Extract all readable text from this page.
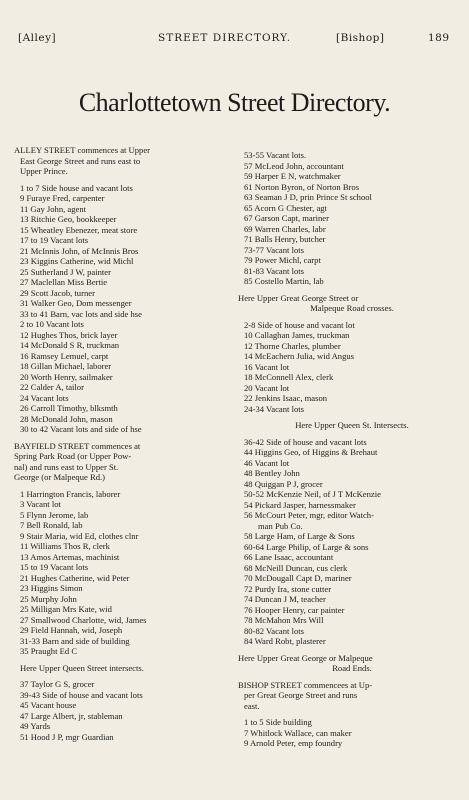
[Alley]	STREET DIRECTORY.	[Bishop]	189
Charlottetown Street Directory.
ALLEY STREET commences at Upper
East George Street and runs east to
Upper Prince.
1 to 7 Side house and vacant lots
9 Furaye Fred, carpenter
11 Gay John, agent
13 Ritchie Geo, bookkeeper
15 Wheatley Ebenezer, meat store
17 to 19 Vacant lots
21 McInnis John, of McInnis Bros
23 Kiggins Catherine, wid Michl
25 Sutherland J W, painter
27 Maclellan Miss Bertie
29 Scott Jacob, turner
31 Walker Geo, Dom messenger
33 to 41 Barn, vac lots and side hse
2 to 10 Vacant lots
12 Hughes Thos, brick layer
14 McDonald S R, truckman
16 Ramsey Lemuel, carpt
18 Gillan Michael, laborer
20 Worth Henry, sailmaker
22 Calder A, tailor
24 Vacant lots
26 Carroll Timothy, blksmth
28 McDonald John, mason
30 to 42 Vacant lots and side of hse
BAYFIELD STREET commences at
Spring Park Road (or Upper Pow-
nal) and runs east to Upper St.
George (or Malpeque Rd.)
1 Harrington Francis, laborer
3 Vacant lot
5 Flynn Jerome, lab
7 Bell Ronald, lab
9 Stair Maria, wid Ed, clothes clnr
11 Williams Thos R, clerk
13 Amos Artemas, machinist
15 to 19 Vacant lots
21 Hughes Catherine, wid Peter
23 Higgins Simon
25 Murphy John
25 Milligan Mrs Kate, wid
27 Smallwood Charlotte, wid, James
29 Field Hannah, wid, Joseph
31-33 Barn and side of building
35 Praught Ed C
Here Upper Queen Street intersects.
37 Taylor G S, grocer
39-43 Side of house and vacant lots
45 Vacant house
47 Large Albert, jr, stableman
49 Yards
51 Hood J P, mgr Guardian
53-55 Vacant lots.
57 McLeod John, accountant
59 Harper E N, watchmaker
61 Norton Byron, of Norton Bros
63 Seaman J D, prin Prince St school
65 Acorn G Chester, agt
67 Garson Capt, mariner
69 Warren Charles, labr
71 Balls Henry, butcher
73-77 Vacant lots
79 Power Michl, carpt
81-83 Vacant lots
85 Costello Martin, lab
Here Upper Great George Street or
Malpeque Road crosses.
2-8 Side of house and vacant lot
10 Callaghan James, truckman
12 Thorne Charles, plumber
14 McEachern Julia, wid Angus
16 Vacant lot
18 McConnell Alex, clerk
20 Vacant lot
22 Jenkins Isaac, mason
24-34 Vacant lots
Here Upper Queen St. Intersects.
36-42 Side of house and vacant lots
44 Higgins Geo, of Higgins & Brehaut
46 Vacant lot
48 Bentley John
48 Quiggan P J, grocer
50-52 McKenzie Neil, of J T McKenzie
54 Pickard Jasper, harnessmaker
56 McCourt Peter, mgr, editor Watch-
man Pub Co.
58 Large Ham, of Large & Sons
60-64 Large Philip, of Large & sons
66 Lane Isaac, accountant
68 McNeill Duncan, cus clerk
70 McDougall Capt D, mariner
72 Purdy Ira, stone cutter
74 Duncan J M, teacher
76 Hooper Henry, car painter
78 McMahon Mrs Will
80-82 Vacant lots
84 Ward Robt, plasterer
Here Upper Great George or Malpeque
Road Ends.
BISHOP STREET commencees at Up-
per Great George Street and runs
east.
1 to 5 Side building
7 Whitlock Wallace, can maker
9 Arnold Peter, emp foundry
